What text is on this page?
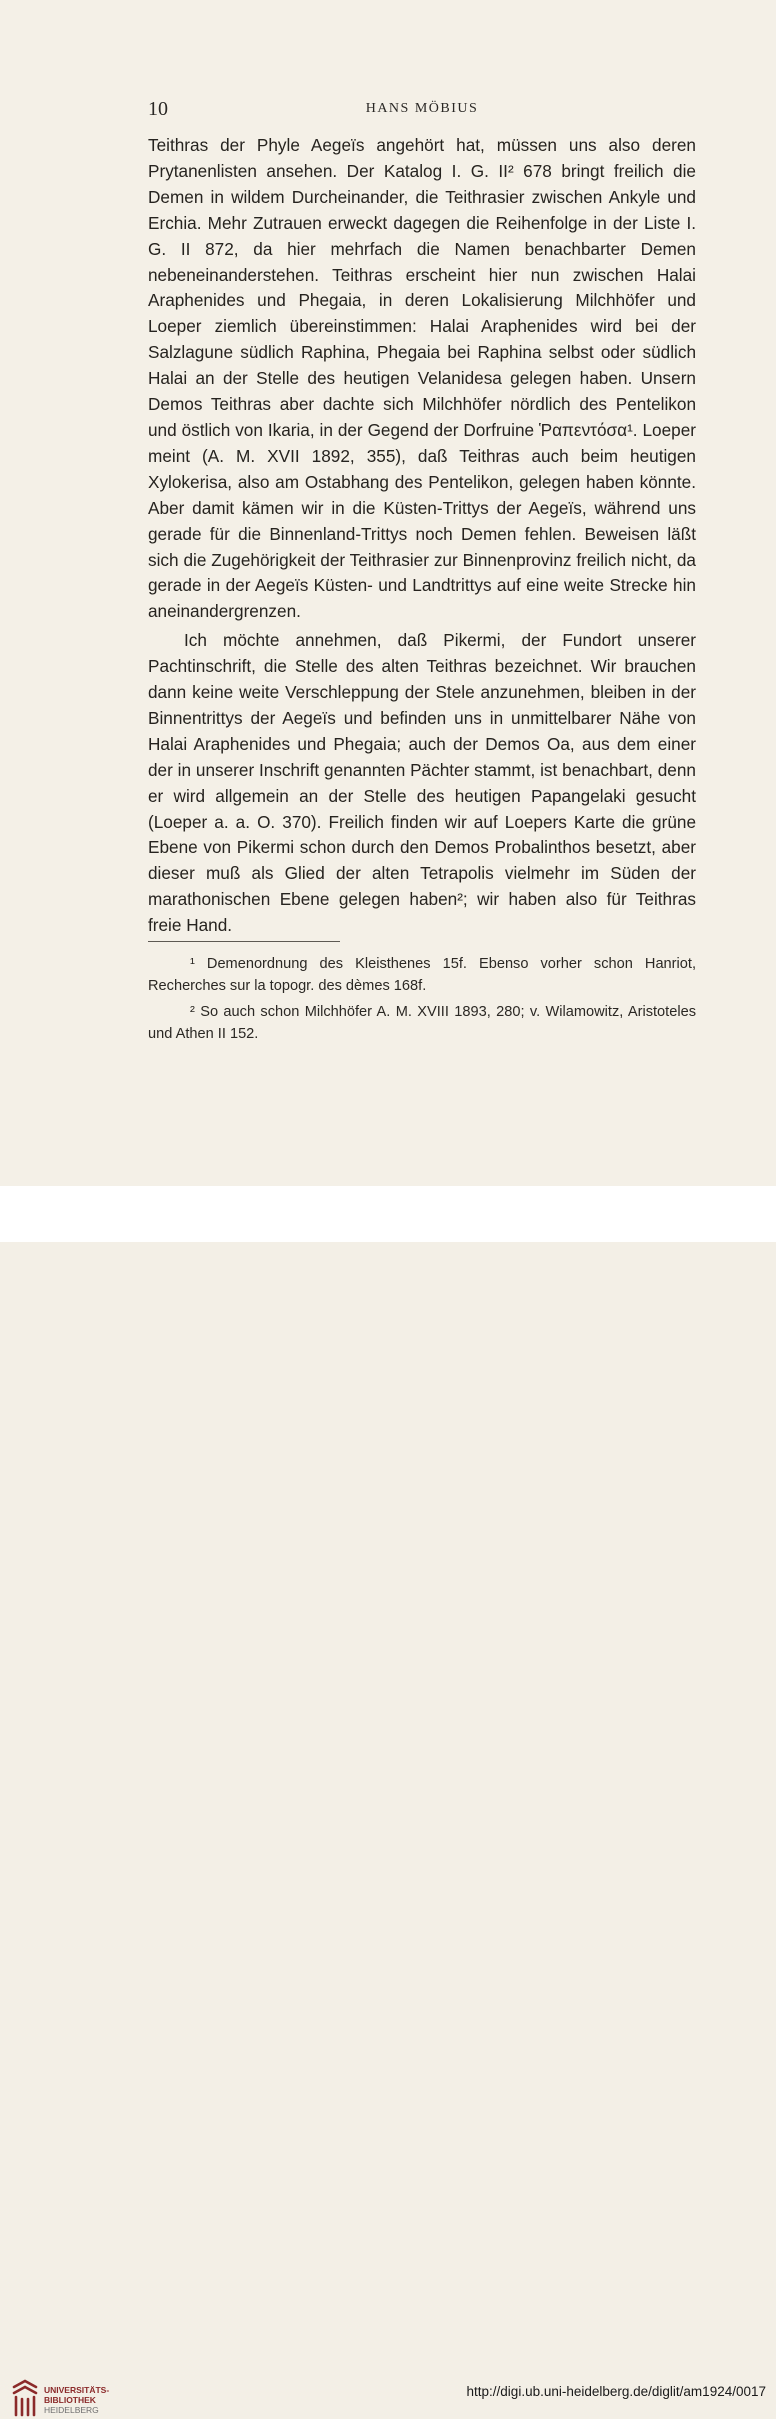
10	HANS MÖBIUS

Teithras der Phyle Aegeïs angehört hat, müssen uns also deren Prytanenlisten ansehen. Der Katalog I. G. II² 678 bringt freilich die Demen in wildem Durcheinander, die Teithrasier zwischen Ankyle und Erchia. Mehr Zutrauen erweckt dagegen die Reihenfolge in der Liste I. G. II 872, da hier mehrfach die Namen benachbarter Demen nebeneinanderstehen. Teithras erscheint hier nun zwischen Halai Araphenides und Phegaia, in deren Lokalisierung Milchhöfer und Loeper ziemlich übereinstimmen: Halai Araphenides wird bei der Salzlagune südlich Raphina, Phegaia bei Raphina selbst oder südlich Halai an der Stelle des heutigen Velanidesa gelegen haben. Unsern Demos Teithras aber dachte sich Milchhöfer nördlich des Pentelikon und östlich von Ikaria, in der Gegend der Dorfruine Ῥαπεντόσα¹. Loeper meint (A. M. XVII 1892, 355), daß Teithras auch beim heutigen Xylokerisa, also am Ostabhang des Pentelikon, gelegen haben könnte. Aber damit kämen wir in die Küsten-Trittys der Aegeïs, während uns gerade für die Binnenland-Trittys noch Demen fehlen. Beweisen läßt sich die Zugehörigkeit der Teithrasier zur Binnenprovinz freilich nicht, da gerade in der Aegeïs Küsten- und Landtrittys auf eine weite Strecke hin aneinandergrenzen.

Ich möchte annehmen, daß Pikermi, der Fundort unserer Pachtinschrift, die Stelle des alten Teithras bezeichnet. Wir brauchen dann keine weite Verschleppung der Stele anzunehmen, bleiben in der Binnentrittys der Aegeïs und befinden uns in unmittelbarer Nähe von Halai Araphenides und Phegaia; auch der Demos Oa, aus dem einer der in unserer Inschrift genannten Pächter stammt, ist benachbart, denn er wird allgemein an der Stelle des heutigen Papangelaki gesucht (Loeper a. a. O. 370). Freilich finden wir auf Loepers Karte die grüne Ebene von Pikermi schon durch den Demos Probalinthos besetzt, aber dieser muß als Glied der alten Tetrapolis vielmehr im Süden der marathonischen Ebene gelegen haben²; wir haben also für Teithras freie Hand.

¹ Demenordnung des Kleisthenes 15f. Ebenso vorher schon Hanriot, Recherches sur la topogr. des dèmes 168f.

² So auch schon Milchhöfer A. M. XVIII 1893, 280; v. Wilamowitz, Aristoteles und Athen II 152.

UNIVERSITÄTS-
BIBLIOTHEK
HEIDELBERG
http://digi.ub.uni-heidelberg.de/diglit/am1924/0017
